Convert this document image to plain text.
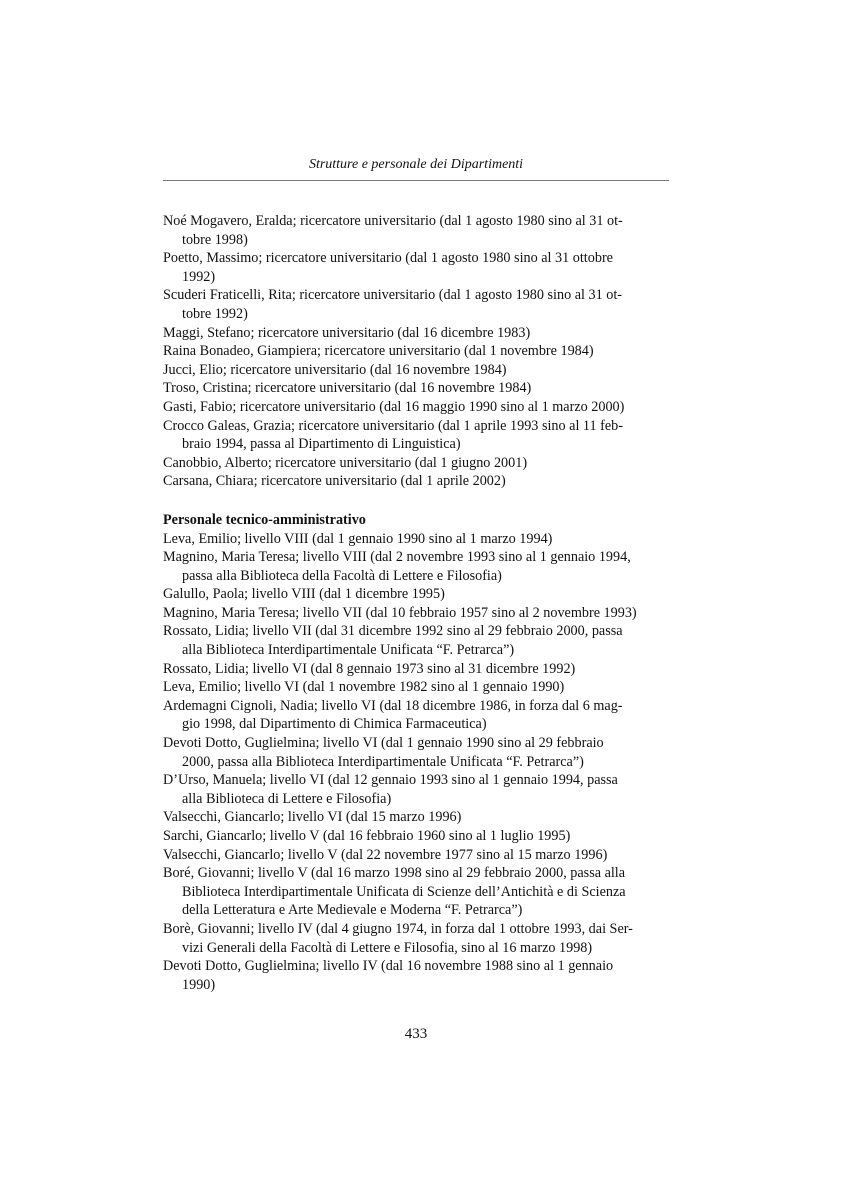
Strutture e personale dei Dipartimenti

Noé Mogavero, Eralda; ricercatore universitario (dal 1 agosto 1980 sino al 31 ot-
tobre 1998)

Poetto, Massimo; ricercatore universitario (dal 1 agosto 1980 sino al 31 ottobre
1992)

Scuderi Fraticelli, Rita; ricercatore universitario (dal 1 agosto 1980 sino al 31 ot-
tobre 1992)

Maggi, Stefano; ricercatore universitario (dal 16 dicembre 1983)

Raina Bonadeo, Giampiera; ricercatore universitario (dal 1 novembre 1984)

Jucci, Elio; ricercatore universitario (dal 16 novembre 1984)

Troso, Cristina; ricercatore universitario (dal 16 novembre 1984)

Gasti, Fabio; ricercatore universitario (dal 16 maggio 1990 sino al 1 marzo 2000)

Crocco Galeas, Grazia; ricercatore universitario (dal 1 aprile 1993 sino al 11 feb-
braio 1994, passa al Dipartimento di Linguistica)

Canobbio, Alberto; ricercatore universitario (dal 1 giugno 2001)

Carsana, Chiara; ricercatore universitario (dal 1 aprile 2002)

Personale tecnico-amministrativo

Leva, Emilio; livello VIII (dal 1 gennaio 1990 sino al 1 marzo 1994)

Magnino, Maria Teresa; livello VIII (dal 2 novembre 1993 sino al 1 gennaio 1994,
passa alla Biblioteca della Facoltà di Lettere e Filosofia)

Galullo, Paola; livello VIII (dal 1 dicembre 1995)

Magnino, Maria Teresa; livello VII (dal 10 febbraio 1957 sino al 2 novembre 1993)

Rossato, Lidia; livello VII (dal 31 dicembre 1992 sino al 29 febbraio 2000, passa
alla Biblioteca Interdipartimentale Unificata “F. Petrarca”)

Rossato, Lidia; livello VI (dal 8 gennaio 1973 sino al 31 dicembre 1992)

Leva, Emilio; livello VI (dal 1 novembre 1982 sino al 1 gennaio 1990)

Ardemagni Cignoli, Nadia; livello VI (dal 18 dicembre 1986, in forza dal 6 mag-
gio 1998, dal Dipartimento di Chimica Farmaceutica)

Devoti Dotto, Guglielmina; livello VI (dal 1 gennaio 1990 sino al 29 febbraio
2000, passa alla Biblioteca Interdipartimentale Unificata “F. Petrarca”)

D’Urso, Manuela; livello VI (dal 12 gennaio 1993 sino al 1 gennaio 1994, passa
alla Biblioteca di Lettere e Filosofia)

Valsecchi, Giancarlo; livello VI (dal 15 marzo 1996)

Sarchi, Giancarlo; livello V (dal 16 febbraio 1960 sino al 1 luglio 1995)

Valsecchi, Giancarlo; livello V (dal 22 novembre 1977 sino al 15 marzo 1996)

Boré, Giovanni; livello V (dal 16 marzo 1998 sino al 29 febbraio 2000, passa alla
Biblioteca Interdipartimentale Unificata di Scienze dell’Antichità e di Scienza
della Letteratura e Arte Medievale e Moderna “F. Petrarca”)

Borè, Giovanni; livello IV (dal 4 giugno 1974, in forza dal 1 ottobre 1993, dai Ser-
vizi Generali della Facoltà di Lettere e Filosofia, sino al 16 marzo 1998)

Devoti Dotto, Guglielmina; livello IV (dal 16 novembre 1988 sino al 1 gennaio
1990)

433
